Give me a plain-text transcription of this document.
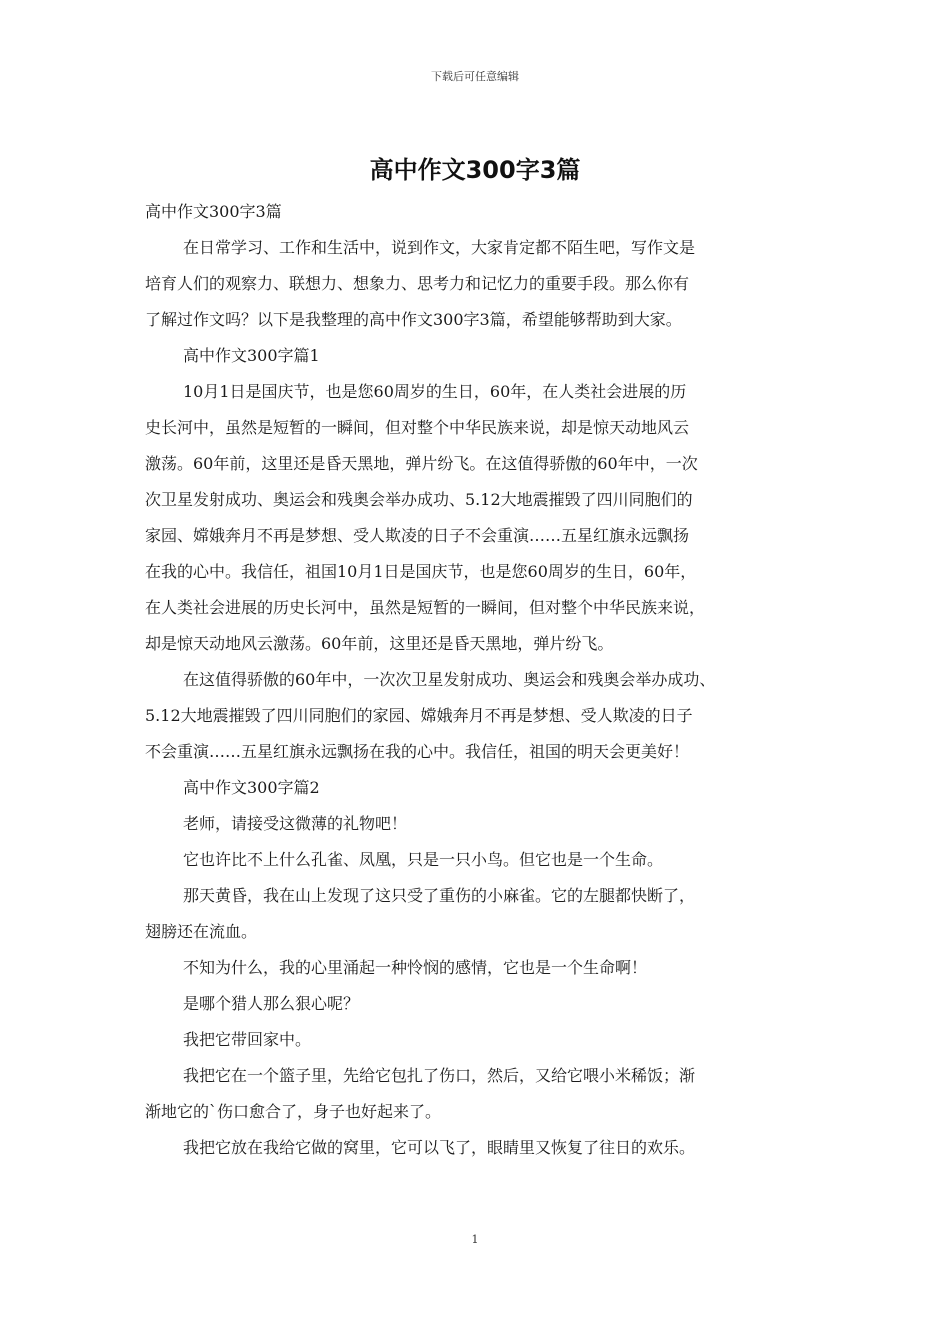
下载后可任意编辑
高中作文300字3篇

高中作文300字3篇
在日常学习、工作和生活中，说到作文，大家肯定都不陌生吧，写作文是
培育人们的观察力、联想力、想象力、思考力和记忆力的重要手段。那么你有
了解过作文吗？以下是我整理的高中作文300字3篇，希望能够帮助到大家。
高中作文300字篇1
10月1日是国庆节，也是您60周岁的生日，60年，在人类社会进展的历
史长河中，虽然是短暂的一瞬间，但对整个中华民族来说，却是惊天动地风云
激荡。60年前，这里还是昏天黑地，弹片纷飞。在这值得骄傲的60年中，一次
次卫星发射成功、奥运会和残奥会举办成功、5.12大地震摧毁了四川同胞们的
家园、嫦娥奔月不再是梦想、受人欺凌的日子不会重演……五星红旗永远飘扬
在我的心中。我信任，祖国10月1日是国庆节，也是您60周岁的生日，60年，
在人类社会进展的历史长河中，虽然是短暂的一瞬间，但对整个中华民族来说，
却是惊天动地风云激荡。60年前，这里还是昏天黑地，弹片纷飞。
在这值得骄傲的60年中，一次次卫星发射成功、奥运会和残奥会举办成功、
5.12大地震摧毁了四川同胞们的家园、嫦娥奔月不再是梦想、受人欺凌的日子
不会重演……五星红旗永远飘扬在我的心中。我信任，祖国的明天会更美好！
高中作文300字篇2
老师，请接受这微薄的礼物吧！
它也许比不上什么孔雀、凤凰，只是一只小鸟。但它也是一个生命。
那天黄昏，我在山上发现了这只受了重伤的小麻雀。它的左腿都快断了，
翅膀还在流血。
不知为什么，我的心里涌起一种怜悯的感情，它也是一个生命啊！
是哪个猎人那么狠心呢？
我把它带回家中。
我把它在一个篮子里，先给它包扎了伤口，然后，又给它喂小米稀饭；渐
渐地它的`伤口愈合了，身子也好起来了。
我把它放在我给它做的窝里，它可以飞了，眼睛里又恢复了往日的欢乐。

1
